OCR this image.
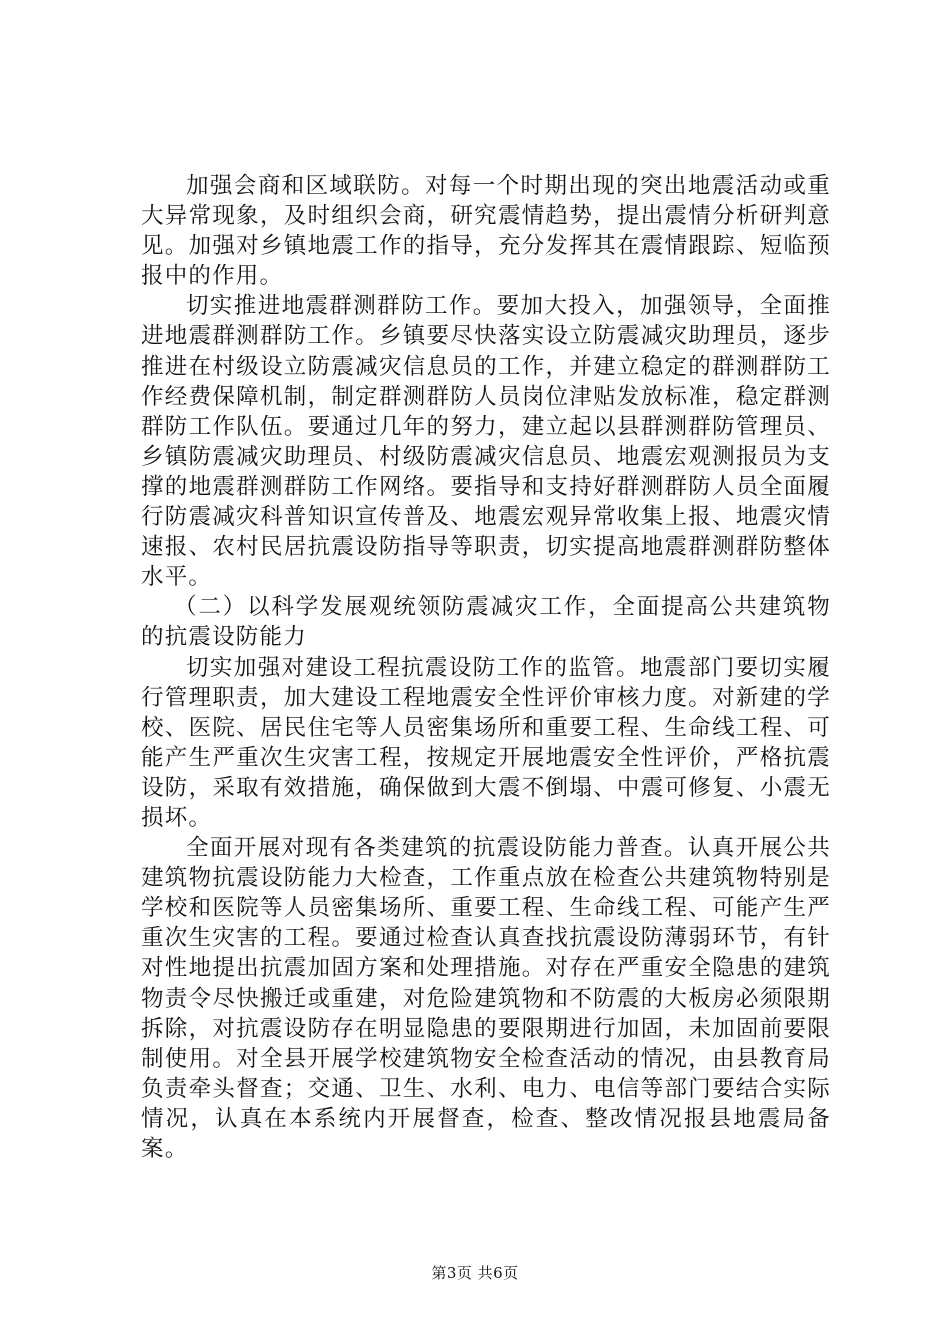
加强会商和区域联防。对每一个时期出现的突出地震活动或重大异常现象，及时组织会商，研究震情趋势，提出震情分析研判意见。加强对乡镇地震工作的指导，充分发挥其在震情跟踪、短临预报中的作用。

切实推进地震群测群防工作。要加大投入，加强领导，全面推进地震群测群防工作。乡镇要尽快落实设立防震减灾助理员，逐步推进在村级设立防震减灾信息员的工作，并建立稳定的群测群防工作经费保障机制，制定群测群防人员岗位津贴发放标准，稳定群测群防工作队伍。要通过几年的努力，建立起以县群测群防管理员、乡镇防震减灾助理员、村级防震减灾信息员、地震宏观测报员为支撑的地震群测群防工作网络。要指导和支持好群测群防人员全面履行防震减灾科普知识宣传普及、地震宏观异常收集上报、地震灾情速报、农村民居抗震设防指导等职责，切实提高地震群测群防整体水平。

（二）以科学发展观统领防震减灾工作，全面提高公共建筑物的抗震设防能力

切实加强对建设工程抗震设防工作的监管。地震部门要切实履行管理职责，加大建设工程地震安全性评价审核力度。对新建的学校、医院、居民住宅等人员密集场所和重要工程、生命线工程、可能产生严重次生灾害工程，按规定开展地震安全性评价，严格抗震设防，采取有效措施，确保做到大震不倒塌、中震可修复、小震无损坏。

全面开展对现有各类建筑的抗震设防能力普查。认真开展公共建筑物抗震设防能力大检查，工作重点放在检查公共建筑物特别是学校和医院等人员密集场所、重要工程、生命线工程、可能产生严重次生灾害的工程。要通过检查认真查找抗震设防薄弱环节，有针对性地提出抗震加固方案和处理措施。对存在严重安全隐患的建筑物责令尽快搬迁或重建，对危险建筑物和不防震的大板房必须限期拆除，对抗震设防存在明显隐患的要限期进行加固，未加固前要限制使用。对全县开展学校建筑物安全检查活动的情况，由县教育局负责牵头督查；交通、卫生、水利、电力、电信等部门要结合实际情况，认真在本系统内开展督查，检查、整改情况报县地震局备案。

第3页 共6页
